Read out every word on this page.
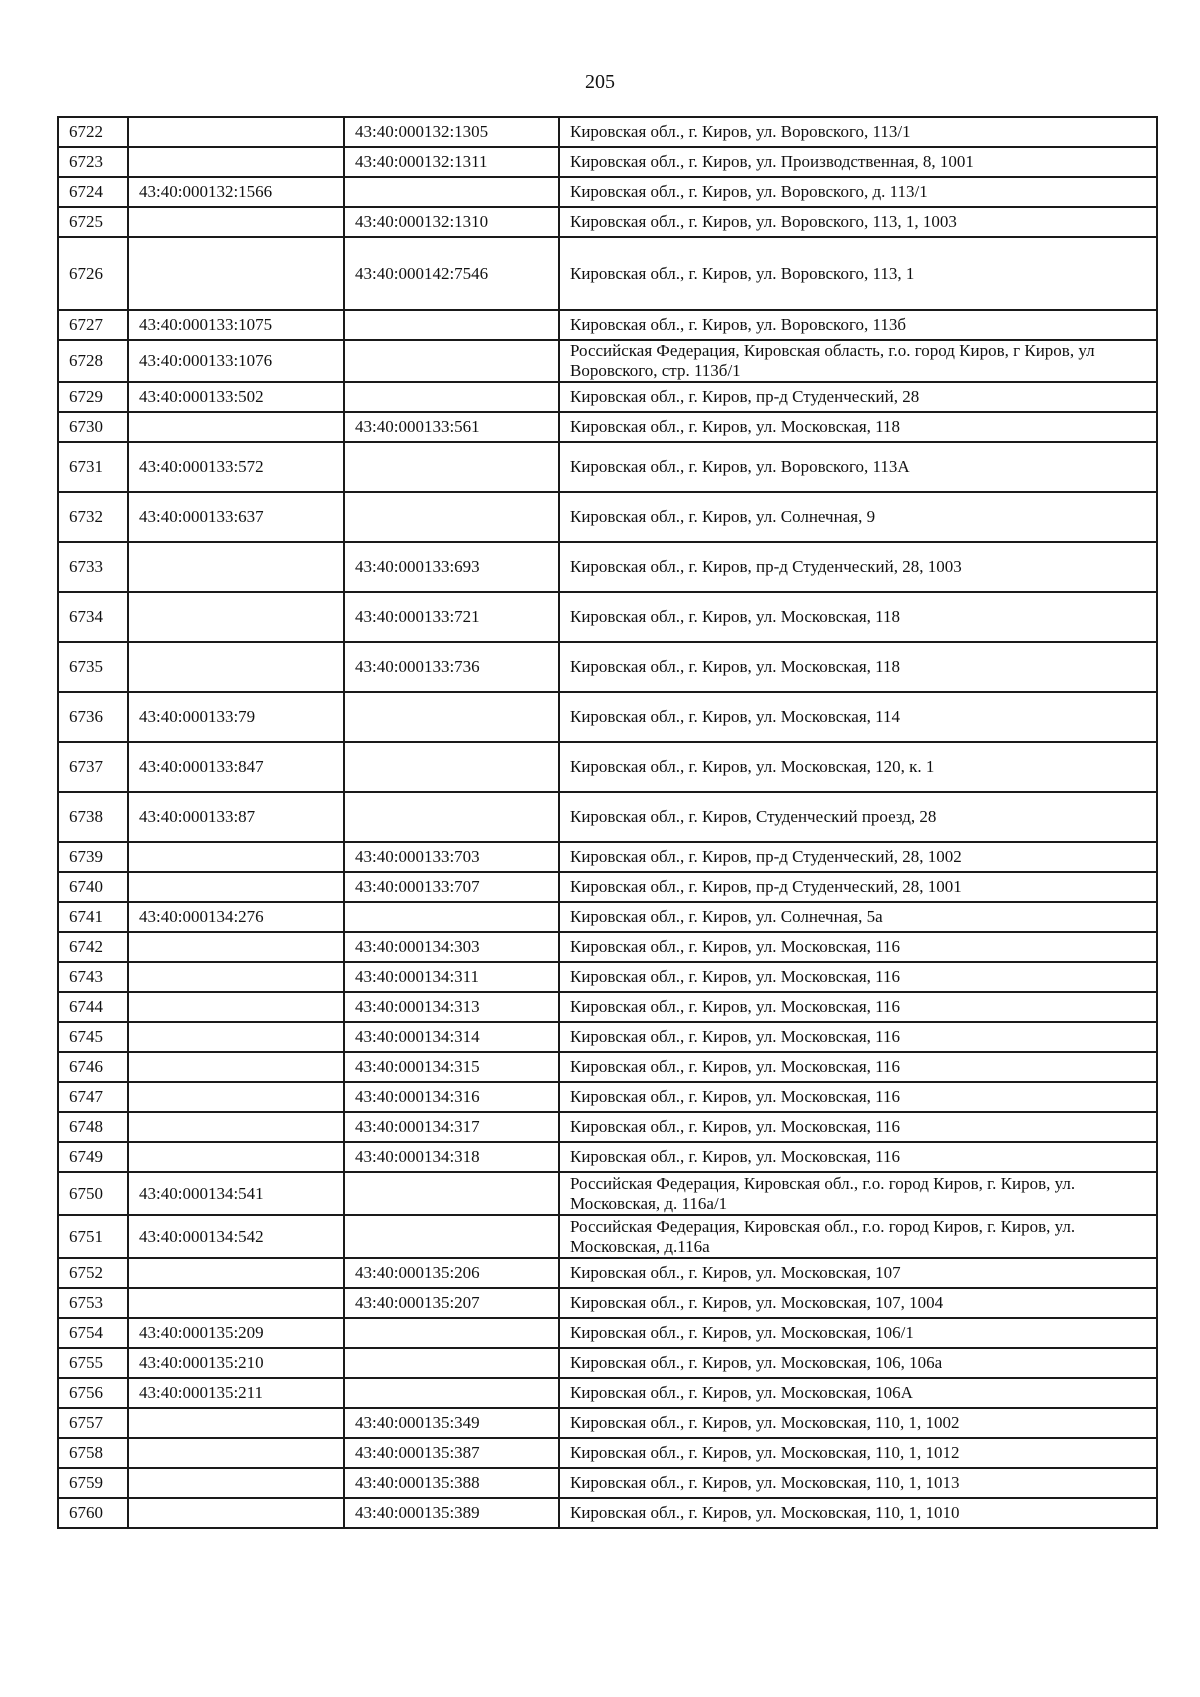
205
6722		43:40:000132:1305	Кировская обл., г. Киров, ул. Воровского, 113/1
6723		43:40:000132:1311	Кировская обл., г. Киров, ул. Производственная, 8, 1001
6724	43:40:000132:1566		Кировская обл., г. Киров, ул. Воровского, д. 113/1
6725		43:40:000132:1310	Кировская обл., г. Киров, ул. Воровского, 113, 1, 1003
6726		43:40:000142:7546	Кировская обл., г. Киров, ул. Воровского, 113, 1
6727	43:40:000133:1075		Кировская обл., г. Киров, ул. Воровского, 113б
6728	43:40:000133:1076		Российская Федерация, Кировская область, г.о. город Киров, г Киров, ул Воровского, стр. 113б/1
6729	43:40:000133:502		Кировская обл., г. Киров, пр-д Студенческий, 28
6730		43:40:000133:561	Кировская обл., г. Киров, ул. Московская, 118
6731	43:40:000133:572		Кировская обл., г. Киров, ул. Воровского, 113А
6732	43:40:000133:637		Кировская обл., г. Киров, ул. Солнечная, 9
6733		43:40:000133:693	Кировская обл., г. Киров, пр-д Студенческий, 28, 1003
6734		43:40:000133:721	Кировская обл., г. Киров, ул. Московская, 118
6735		43:40:000133:736	Кировская обл., г. Киров, ул. Московская, 118
6736	43:40:000133:79		Кировская обл., г. Киров, ул. Московская, 114
6737	43:40:000133:847		Кировская обл., г. Киров, ул. Московская, 120, к. 1
6738	43:40:000133:87		Кировская обл., г. Киров, Студенческий проезд, 28
6739		43:40:000133:703	Кировская обл., г. Киров, пр-д Студенческий, 28, 1002
6740		43:40:000133:707	Кировская обл., г. Киров, пр-д Студенческий, 28, 1001
6741	43:40:000134:276		Кировская обл., г. Киров, ул. Солнечная, 5а
6742		43:40:000134:303	Кировская обл., г. Киров, ул. Московская, 116
6743		43:40:000134:311	Кировская обл., г. Киров, ул. Московская, 116
6744		43:40:000134:313	Кировская обл., г. Киров, ул. Московская, 116
6745		43:40:000134:314	Кировская обл., г. Киров, ул. Московская, 116
6746		43:40:000134:315	Кировская обл., г. Киров, ул. Московская, 116
6747		43:40:000134:316	Кировская обл., г. Киров, ул. Московская, 116
6748		43:40:000134:317	Кировская обл., г. Киров, ул. Московская, 116
6749		43:40:000134:318	Кировская обл., г. Киров, ул. Московская, 116
6750	43:40:000134:541		Российская Федерация, Кировская обл., г.о. город Киров, г. Киров, ул. Московская, д. 116а/1
6751	43:40:000134:542		Российская Федерация, Кировская обл., г.о. город Киров, г. Киров, ул. Московская, д.116а
6752		43:40:000135:206	Кировская обл., г. Киров, ул. Московская, 107
6753		43:40:000135:207	Кировская обл., г. Киров, ул. Московская, 107, 1004
6754	43:40:000135:209		Кировская обл., г. Киров, ул. Московская, 106/1
6755	43:40:000135:210		Кировская обл., г. Киров, ул. Московская, 106, 106а
6756	43:40:000135:211		Кировская обл., г. Киров, ул. Московская, 106А
6757		43:40:000135:349	Кировская обл., г. Киров, ул. Московская, 110, 1, 1002
6758		43:40:000135:387	Кировская обл., г. Киров, ул. Московская, 110, 1, 1012
6759		43:40:000135:388	Кировская обл., г. Киров, ул. Московская, 110, 1, 1013
6760		43:40:000135:389	Кировская обл., г. Киров, ул. Московская, 110, 1, 1010
